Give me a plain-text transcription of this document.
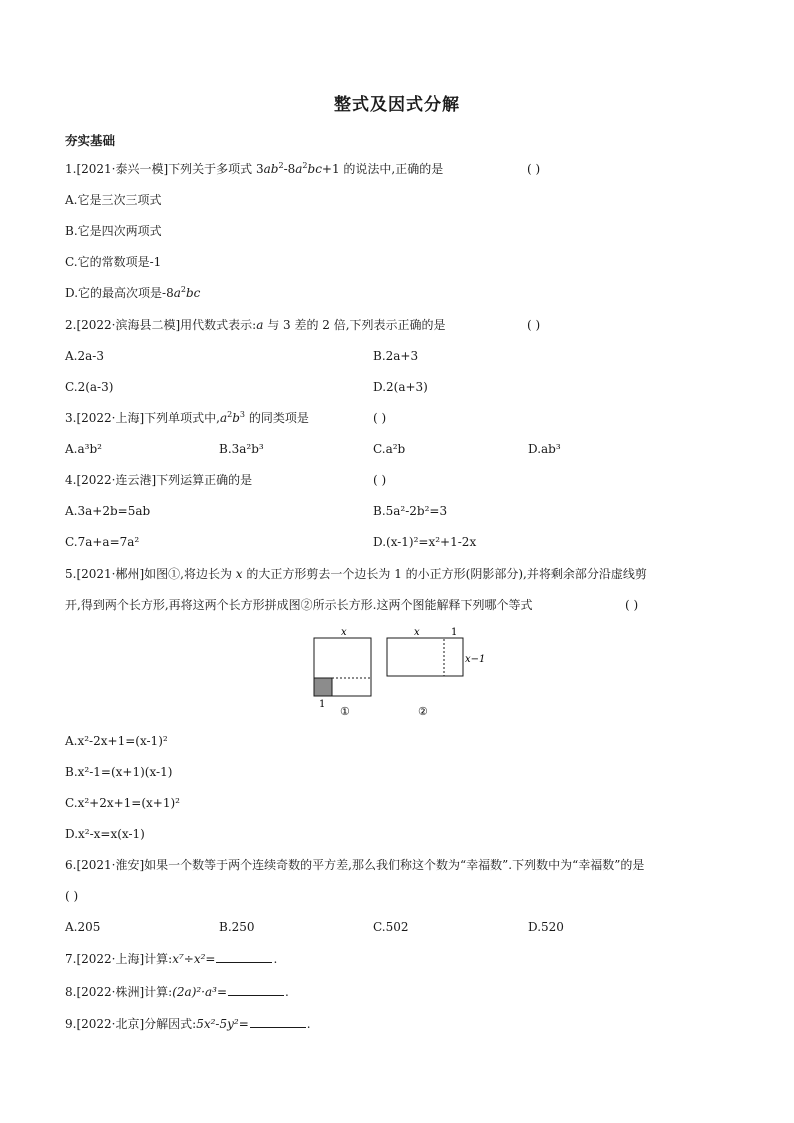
整式及因式分解
夯实基础
1.[2021·泰兴一模]下列关于多项式 $3ab^2-8a^2bc+1$ 的说法中,正确的是	( )
A.它是三次三项式
B.它是四次两项式
C.它的常数项是-1
D.它的最高次项是$-8a^2bc$
2.[2022·滨海县二模]用代数式表示:a 与 3 差的 2 倍,下列表示正确的是	( )
A.2a-3	B.2a+3
C.2(a-3)	D.2(a+3)
3.[2022·上海]下列单项式中$,a^2b^3$ 的同类项是	( )
A.a³b²	B.3a²b³	C.a²b	D.ab³
4.[2022·连云港]下列运算正确的是	( )
A.3a+2b=5ab	B.5a²-2b²=3
C.7a+a=7a²	D.(x-1)²=x²+1-2x
5.[2021·郴州]如图①,将边长为 x 的大正方形剪去一个边长为 1 的小正方形(阴影部分),并将剩余部分沿虚线剪
开,得到两个长方形,再将这两个长方形拼成图②所示长方形.这两个图能解释下列哪个等式	( )
x
1
①
x	1
x−1
②
A.x²-2x+1=(x-1)²
B.x²-1=(x+1)(x-1)
C.x²+2x+1=(x+1)²
D.x²-x=x(x-1)
6.[2021·淮安]如果一个数等于两个连续奇数的平方差,那么我们称这个数为“幸福数”.下列数中为“幸福数”的是
( )
A.205	B.250	C.502	D.520
7.[2022·上海]计算:x⁷÷x²=	.
8.[2022·株洲]计算:(2a)²·a³=	.
9.[2022·北京]分解因式:5x²-5y²=	.
